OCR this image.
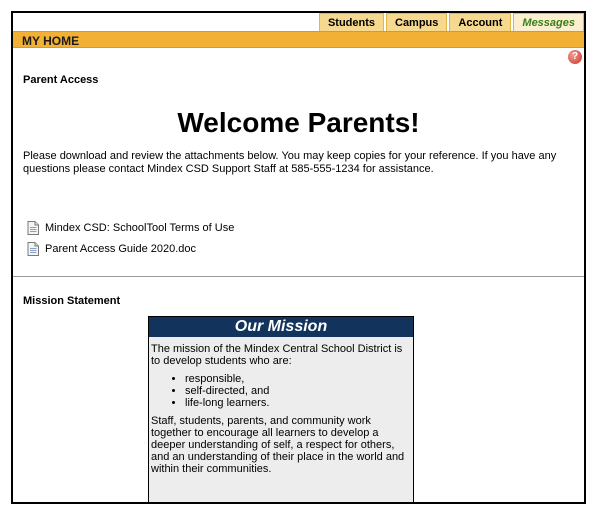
Students	Campus	Account	Messages
MY HOME
?
Parent Access
Welcome Parents!
Please download and review the attachments below. You may keep copies for your reference. If you have any questions please contact Mindex CSD Support Staff at 585-555-1234 for assistance.
Mindex CSD: SchoolTool Terms of Use
Parent Access Guide 2020.doc
Mission Statement
Our Mission
The mission of the Mindex Central School District is to develop students who are:
• responsible,
• self-directed, and
• life-long learners.
Staff, students, parents, and community work together to encourage all learners to develop a deeper understanding of self, a respect for others, and an understanding of their place in the world and within their communities.
